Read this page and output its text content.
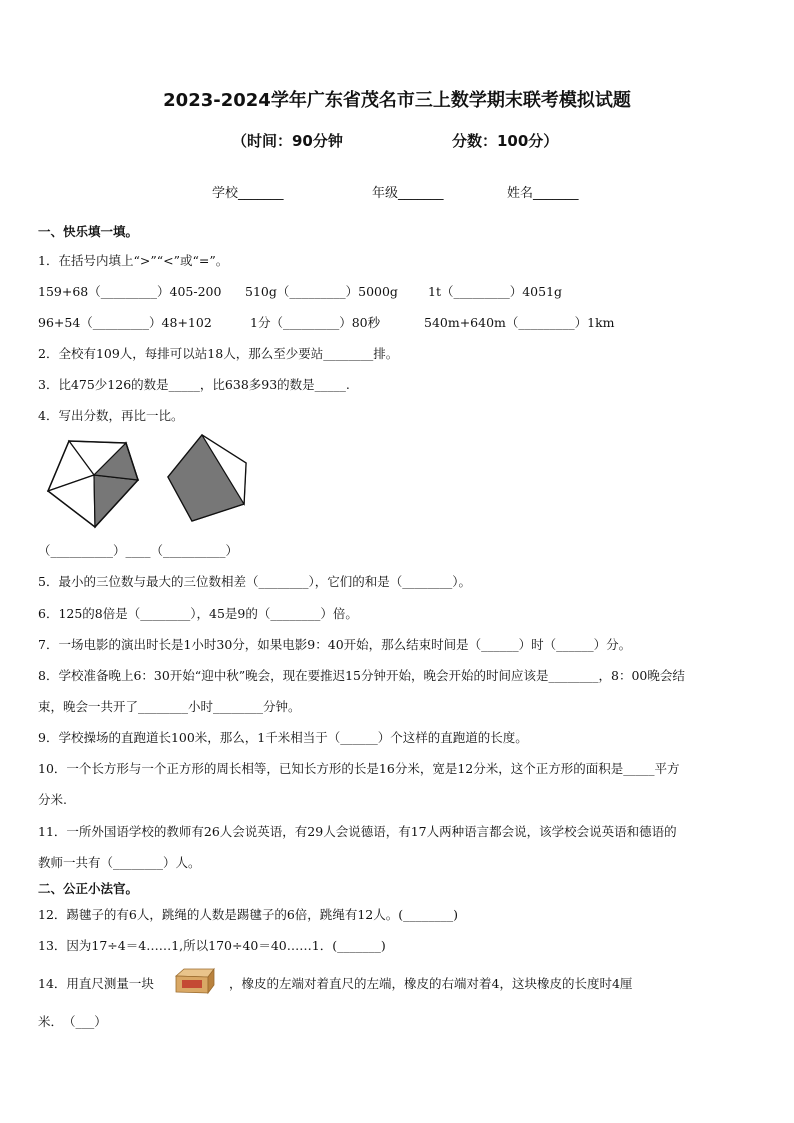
2023-2024学年广东省茂名市三上数学期末联考模拟试题
（时间：90分钟	分数：100分）
学校_______	年级_______	姓名_______
一、快乐填一填。
1．在括号内填上“>”“<”或“=”。
159+68（_________）405-200 510g（_________）5000g 1t（_________）4051g
96+54（_________）48+102	1分（_________）80秒	540m+640m（_________）1km
2．全校有109人，每排可以站18人，那么至少要站________排。
3．比475少126的数是_____，比638多93的数是_____.
4．写出分数，再比一比。
（__________）____（__________）
5．最小的三位数与最大的三位数相差（________），它们的和是（________）。
6．125的8倍是（________），45是9的（________）倍。
7．一场电影的演出时长是1小时30分，如果电影9：40开始，那么结束时间是（______）时（______）分。
8．学校准备晚上6：30开始“迎中秋”晚会，现在要推迟15分钟开始，晚会开始的时间应该是________，8：00晚会结
束，晚会一共开了________小时________分钟。
9．学校操场的直跑道长100米，那么，1千米相当于（______）个这样的直跑道的长度。
10．一个长方形与一个正方形的周长相等，已知长方形的长是16分米，宽是12分米，这个正方形的面积是_____平方
分米.
11．一所外国语学校的教师有26人会说英语，有29人会说德语，有17人两种语言都会说，该学校会说英语和德语的
教师一共有（________）人。
二、公正小法官。
12．踢毽子的有6人，跳绳的人数是踢毽子的6倍，跳绳有12人。(________)
13．因为17÷4＝4……1,所以170÷40＝40……1．(_______)
14．用直尺测量一块	，橡皮的左端对着直尺的左端，橡皮的右端对着4，这块橡皮的长度时4厘
米．　（___）
